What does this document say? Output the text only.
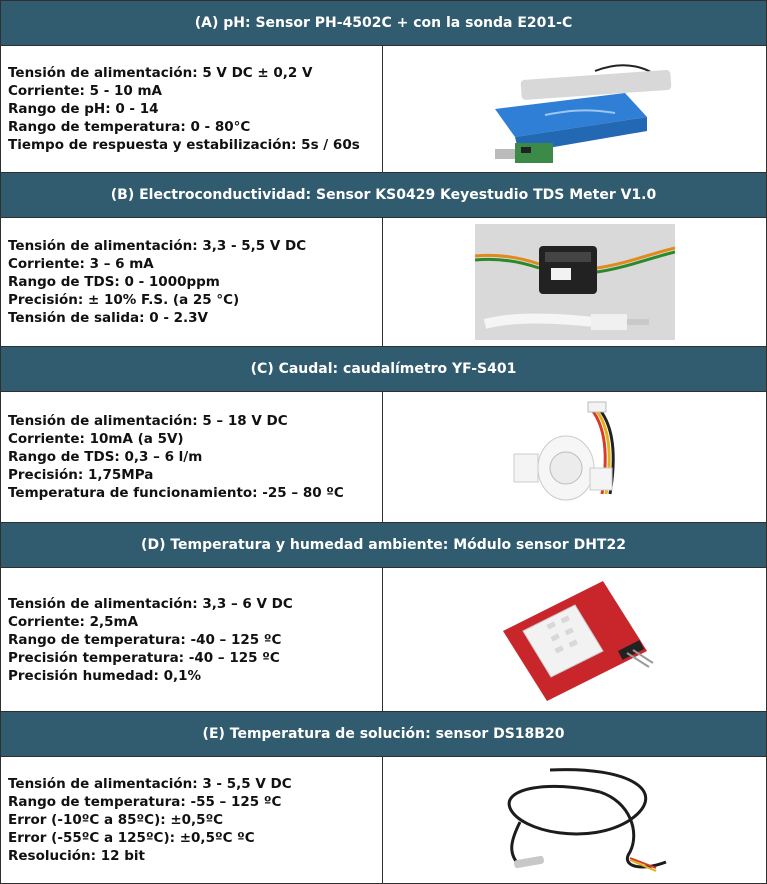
(A) pH: Sensor PH-4502C + con la sonda E201-C
Tensión de alimentación: 5 V DC ± 0,2 V
Corriente: 5 - 10 mA
Rango de pH: 0 - 14
Rango de temperatura: 0 - 80°C
Tiempo de respuesta y estabilización: 5s / 60s
(B) Electroconductividad: Sensor KS0429 Keyestudio TDS Meter V1.0
Tensión de alimentación: 3,3 - 5,5 V DC
Corriente: 3 – 6 mA
Rango de TDS: 0 - 1000ppm
Precisión: ± 10% F.S. (a 25 °C)
Tensión de salida: 0 - 2.3V
(C) Caudal: caudalímetro YF-S401
Tensión de alimentación: 5 – 18 V DC
Corriente: 10mA (a 5V)
Rango de TDS: 0,3 – 6 l/m
Precisión: 1,75MPa
Temperatura de funcionamiento: -25 – 80 ºC
(D) Temperatura y humedad ambiente: Módulo sensor DHT22
Tensión de alimentación: 3,3 – 6 V DC
Corriente: 2,5mA
Rango de temperatura: -40 – 125 ºC
Precisión temperatura: -40 – 125 ºC
Precisión humedad: 0,1%
(E) Temperatura de solución: sensor DS18B20
Tensión de alimentación: 3 - 5,5 V DC
Rango de temperatura: -55 – 125 ºC
Error (-10ºC a 85ºC): ±0,5ºC
Error (-55ºC a 125ºC): ±0,5ºC ºC
Resolución: 12 bit
